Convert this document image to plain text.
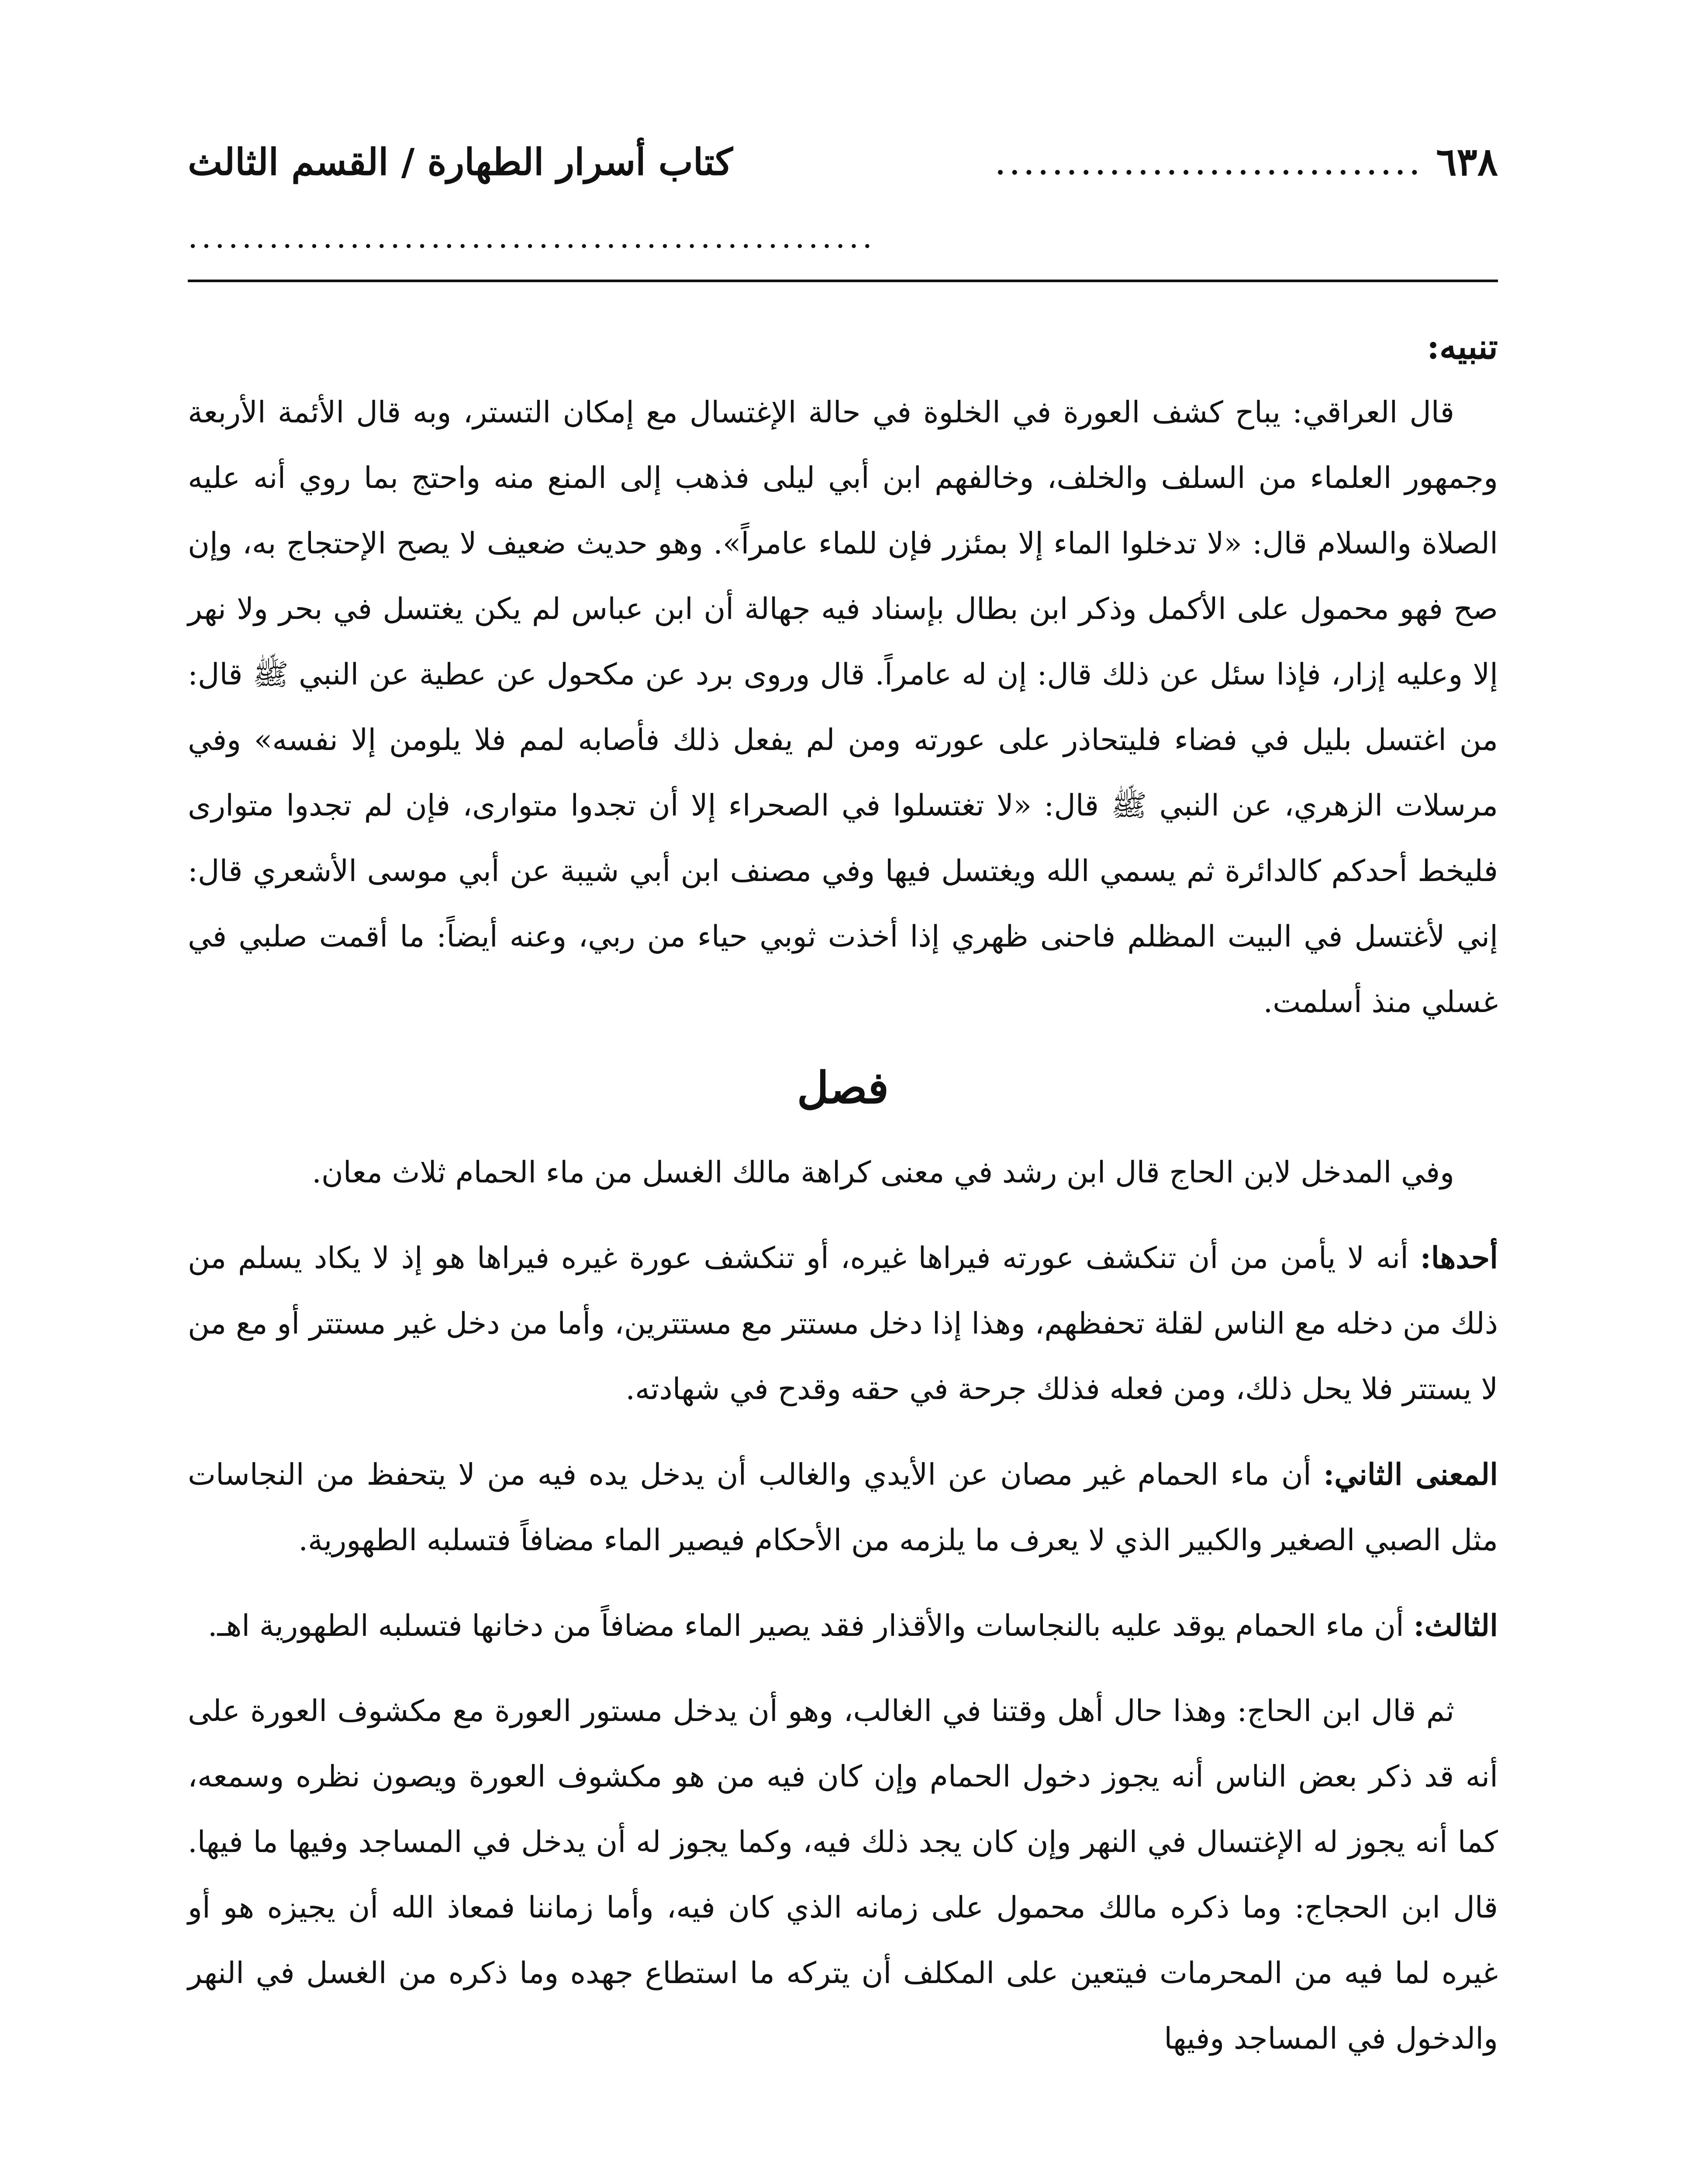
٦٣٨
..............................
كتاب أسرار الطهارة / القسم الثالث
...................................................

تنبيه:

قال العراقي: يباح كشف العورة في الخلوة في حالة الإغتسال مع إمكان التستر، وبه قال الأئمة الأربعة وجمهور العلماء من السلف والخلف، وخالفهم ابن أبي ليلى فذهب إلى المنع منه واحتج بما روي أنه عليه الصلاة والسلام قال: «لا تدخلوا الماء إلا بمئزر فإن للماء عامراً». وهو حديث ضعيف لا يصح الإحتجاج به، وإن صح فهو محمول على الأكمل وذكر ابن بطال بإسناد فيه جهالة أن ابن عباس لم يكن يغتسل في بحر ولا نهر إلا وعليه إزار، فإذا سئل عن ذلك قال: إن له عامراً. قال وروى برد عن مكحول عن عطية عن النبي ﷺ قال: من اغتسل بليل في فضاء فليتحاذر على عورته ومن لم يفعل ذلك فأصابه لمم فلا يلومن إلا نفسه» وفي مرسلات الزهري، عن النبي ﷺ قال: «لا تغتسلوا في الصحراء إلا أن تجدوا متوارى، فإن لم تجدوا متوارى فليخط أحدكم كالدائرة ثم يسمي الله ويغتسل فيها وفي مصنف ابن أبي شيبة عن أبي موسى الأشعري قال: إني لأغتسل في البيت المظلم فاحنى ظهري إذا أخذت ثوبي حياء من ربي، وعنه أيضاً: ما أقمت صلبي في غسلي منذ أسلمت.

فصل

وفي المدخل لابن الحاج قال ابن رشد في معنى كراهة مالك الغسل من ماء الحمام ثلاث معان.

أحدها: أنه لا يأمن من أن تنكشف عورته فيراها غيره، أو تنكشف عورة غيره فيراها هو إذ لا يكاد يسلم من ذلك من دخله مع الناس لقلة تحفظهم، وهذا إذا دخل مستتر مع مستترين، وأما من دخل غير مستتر أو مع من لا يستتر فلا يحل ذلك، ومن فعله فذلك جرحة في حقه وقدح في شهادته.

المعنى الثاني: أن ماء الحمام غير مصان عن الأيدي والغالب أن يدخل يده فيه من لا يتحفظ من النجاسات مثل الصبي الصغير والكبير الذي لا يعرف ما يلزمه من الأحكام فيصير الماء مضافاً فتسلبه الطهورية.

الثالث: أن ماء الحمام يوقد عليه بالنجاسات والأقذار فقد يصير الماء مضافاً من دخانها فتسلبه الطهورية اهـ.

ثم قال ابن الحاج: وهذا حال أهل وقتنا في الغالب، وهو أن يدخل مستور العورة مع مكشوف العورة على أنه قد ذكر بعض الناس أنه يجوز دخول الحمام وإن كان فيه من هو مكشوف العورة ويصون نظره وسمعه، كما أنه يجوز له الإغتسال في النهر وإن كان يجد ذلك فيه، وكما يجوز له أن يدخل في المساجد وفيها ما فيها. قال ابن الحجاج: وما ذكره مالك محمول على زمانه الذي كان فيه، وأما زماننا فمعاذ الله أن يجيزه هو أو غيره لما فيه من المحرمات فيتعين على المكلف أن يتركه ما استطاع جهده وما ذكره من الغسل في النهر والدخول في المساجد وفيها
